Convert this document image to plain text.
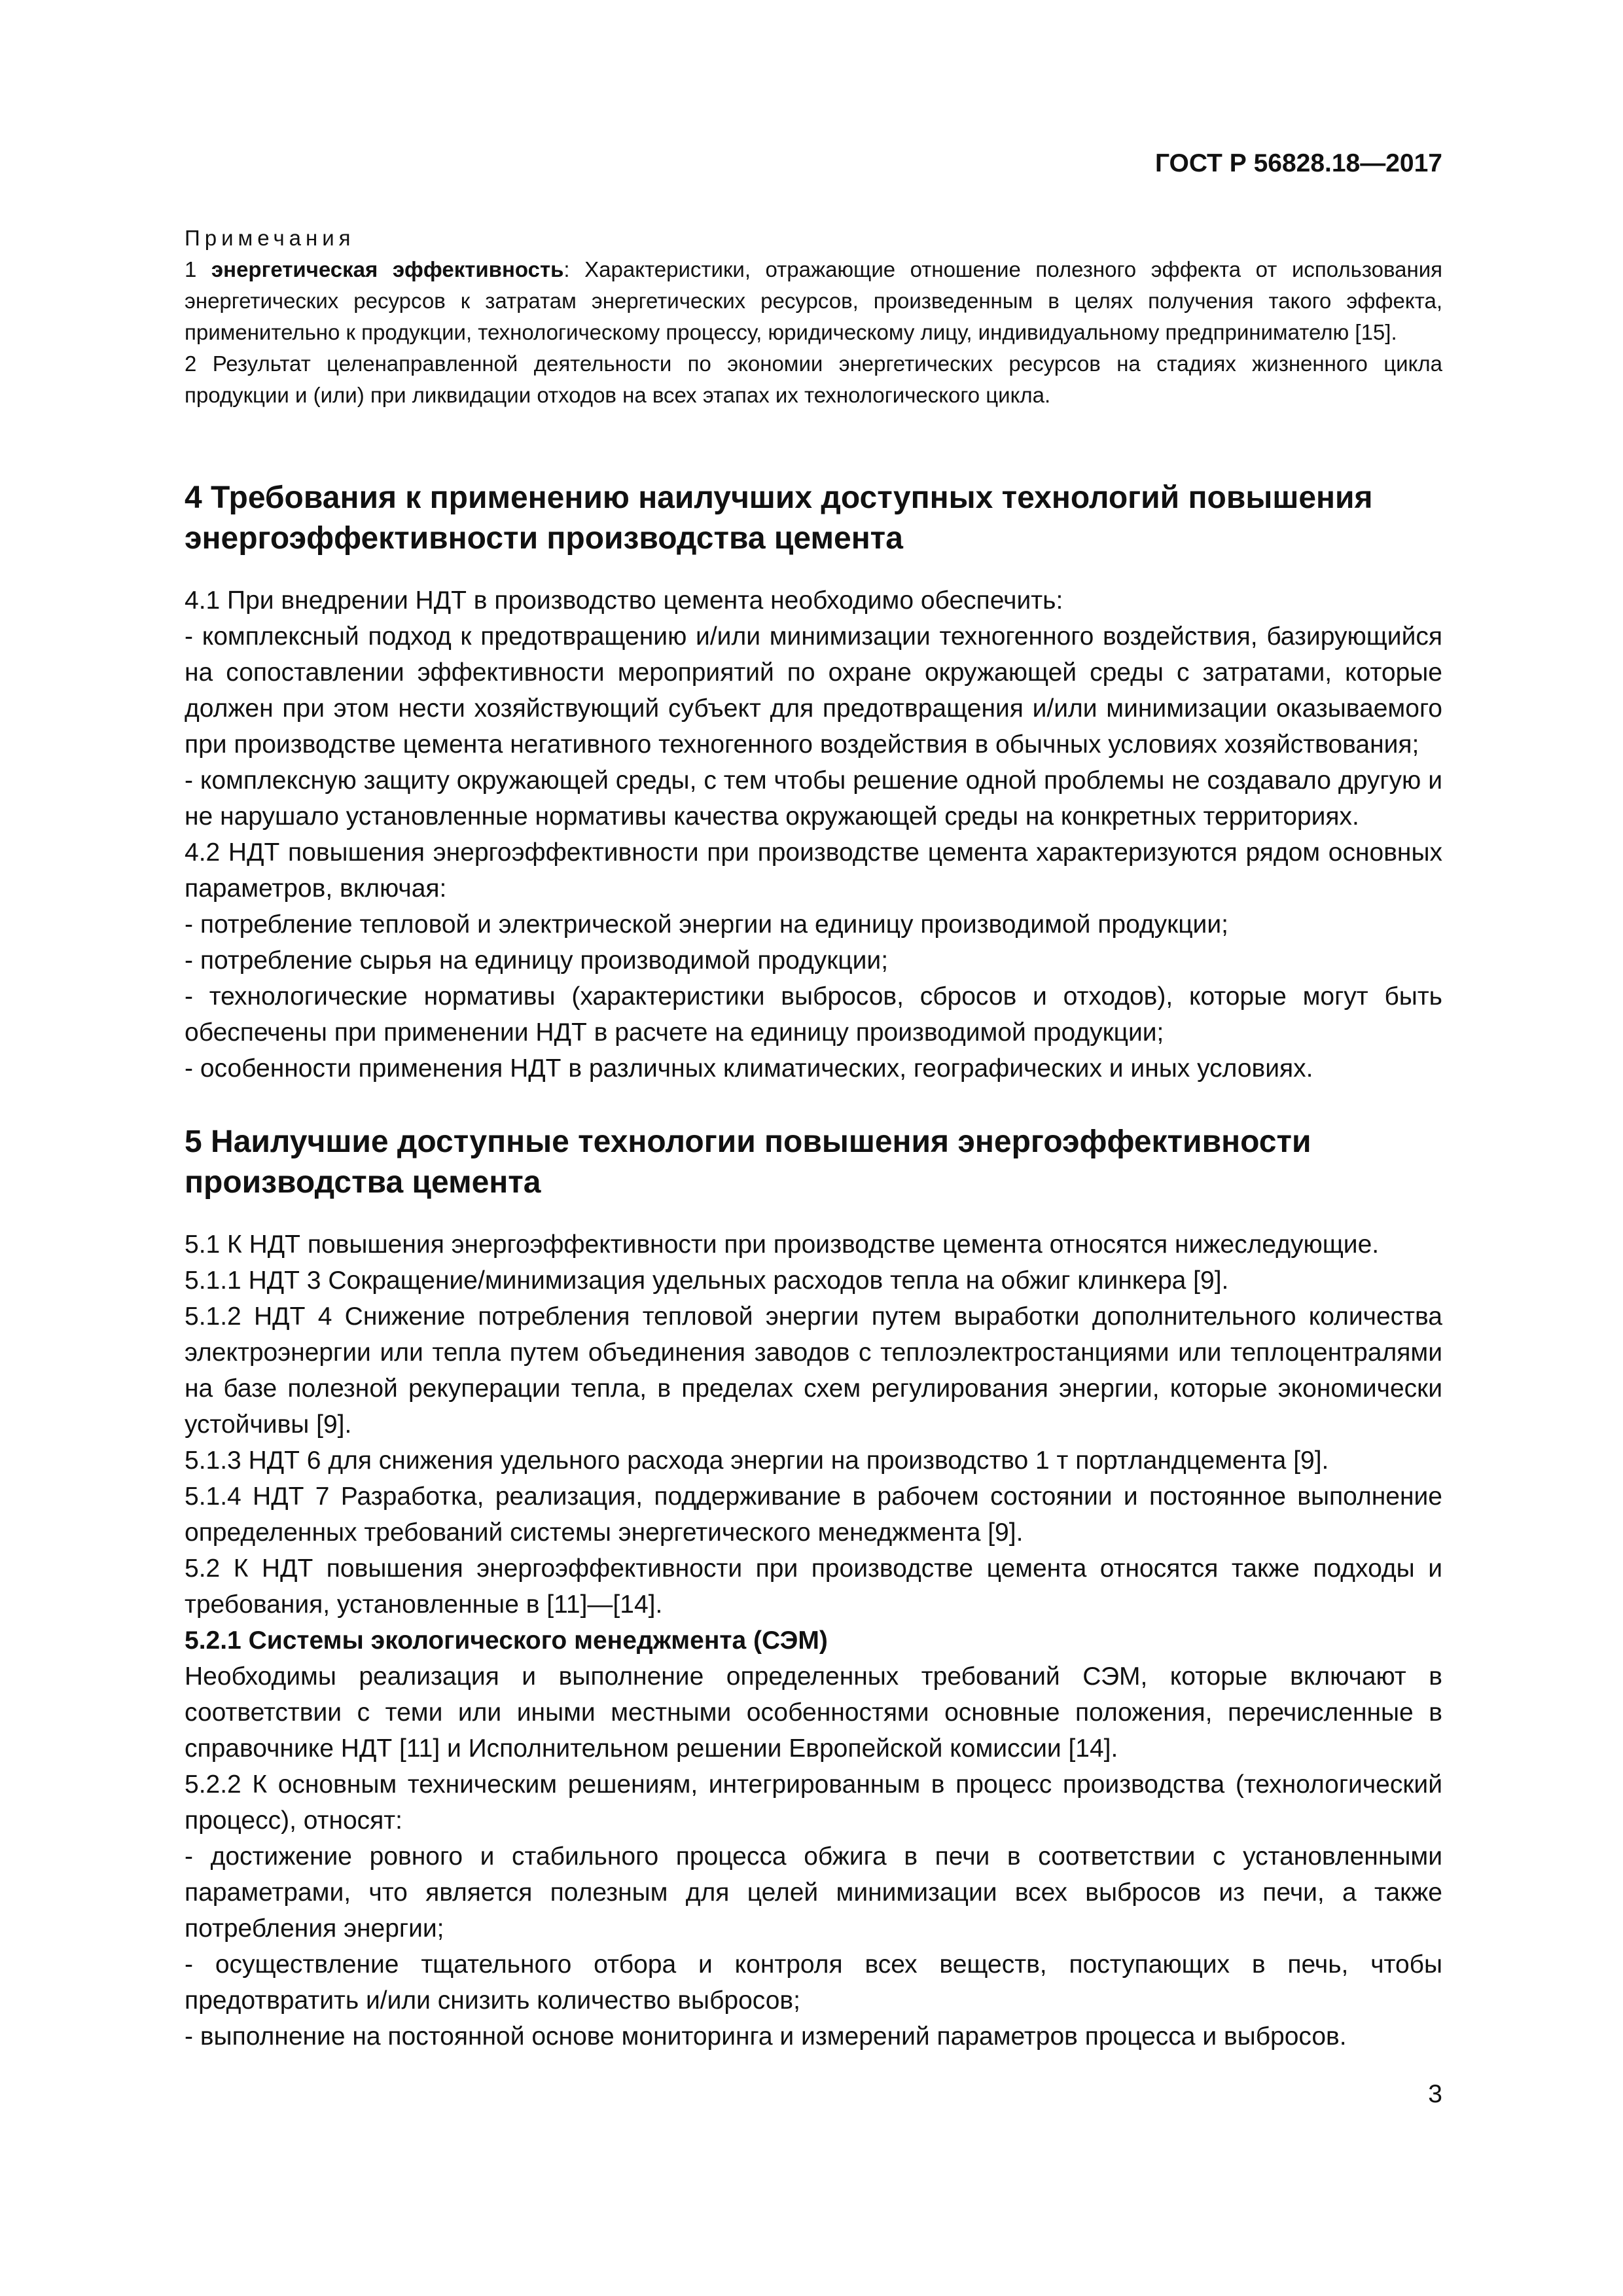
ГОСТ Р 56828.18—2017

Примечания

1 энергетическая эффективность: Характеристики, отражающие отношение полезного эффекта от использования энергетических ресурсов к затратам энергетических ресурсов, произведенным в целях получения такого эффекта, применительно к продукции, технологическому процессу, юридическому лицу, индивидуальному предпринимателю [15].

2 Результат целенаправленной деятельности по экономии энергетических ресурсов на стадиях жизненного цикла продукции и (или) при ликвидации отходов на всех этапах их технологического цикла.

4 Требования к применению наилучших доступных технологий повышения энергоэффективности производства цемента

4.1 При внедрении НДТ в производство цемента необходимо обеспечить:

- комплексный подход к предотвращению и/или минимизации техногенного воздействия, базирующийся на сопоставлении эффективности мероприятий по охране окружающей среды с затратами, которые должен при этом нести хозяйствующий субъект для предотвращения и/или минимизации оказываемого при производстве цемента негативного техногенного воздействия в обычных условиях хозяйствования;

- комплексную защиту окружающей среды, с тем чтобы решение одной проблемы не создавало другую и не нарушало установленные нормативы качества окружающей среды на конкретных территориях.

4.2 НДТ повышения энергоэффективности при производстве цемента характеризуются рядом основных параметров, включая:

- потребление тепловой и электрической энергии на единицу производимой продукции;

- потребление сырья на единицу производимой продукции;

- технологические нормативы (характеристики выбросов, сбросов и отходов), которые могут быть обеспечены при применении НДТ в расчете на единицу производимой продукции;

- особенности применения НДТ в различных климатических, географических и иных условиях.

5 Наилучшие доступные технологии повышения энергоэффективности производства цемента

5.1 К НДТ повышения энергоэффективности при производстве цемента относятся нижеследующие.

5.1.1 НДТ 3 Сокращение/минимизация удельных расходов тепла на обжиг клинкера [9].

5.1.2 НДТ 4 Снижение потребления тепловой энергии путем выработки дополнительного количества электроэнергии или тепла путем объединения заводов с теплоэлектростанциями или теплоцентралями на базе полезной рекуперации тепла, в пределах схем регулирования энергии, которые экономически устойчивы [9].

5.1.3 НДТ 6 для снижения удельного расхода энергии на производство 1 т портландцемента [9].

5.1.4 НДТ 7 Разработка, реализация, поддерживание в рабочем состоянии и постоянное выполнение определенных требований системы энергетического менеджмента [9].

5.2 К НДТ повышения энергоэффективности при производстве цемента относятся также подходы и требования, установленные в [11]—[14].

5.2.1 Системы экологического менеджмента (СЭМ)

Необходимы реализация и выполнение определенных требований СЭМ, которые включают в соответствии с теми или иными местными особенностями основные положения, перечисленные в справочнике НДТ [11] и Исполнительном решении Европейской комиссии [14].

5.2.2 К основным техническим решениям, интегрированным в процесс производства (технологический процесс), относят:

- достижение ровного и стабильного процесса обжига в печи в соответствии с установленными параметрами, что является полезным для целей минимизации всех выбросов из печи, а также потребления энергии;

- осуществление тщательного отбора и контроля всех веществ, поступающих в печь, чтобы предотвратить и/или снизить количество выбросов;

- выполнение на постоянной основе мониторинга и измерений параметров процесса и выбросов.

3
